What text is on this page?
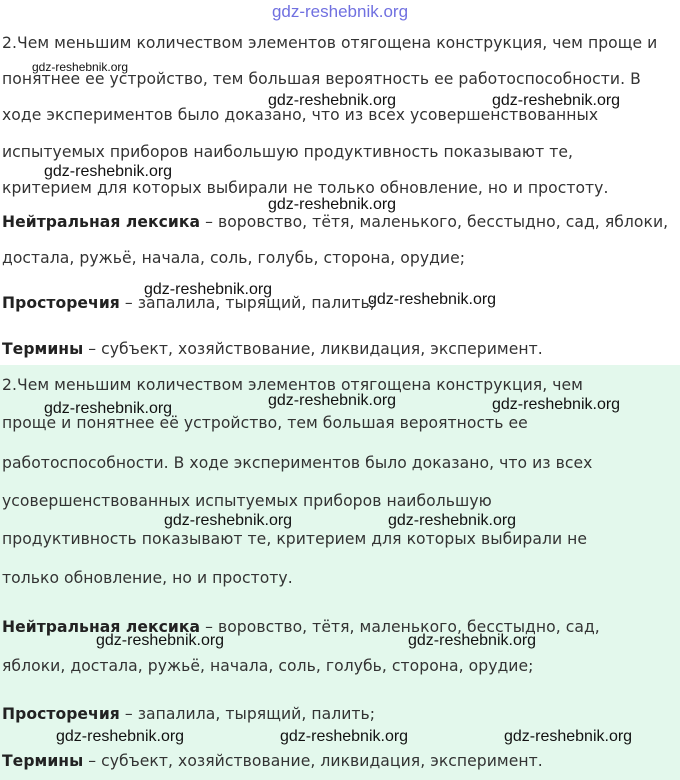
gdz-reshebnik.org
2.Чем меньшим количеством элементов отягощена конструкция, чем проще и
понятнее ее устройство, тем большая вероятность ее работоспособности. В
ходе экспериментов было доказано, что из всех усовершенствованных
испытуемых приборов наибольшую продуктивность показывают те,
критерием для которых выбирали не только обновление, но и простоту.
Нейтральная лексика – воровство, тётя, маленького, бесстыдно, сад, яблоки,
достала, ружьё, начала, соль, голубь, сторона, орудие;
Просторечия – запалила, тырящий, палить;
Термины – субъект, хозяйствование, ликвидация, эксперимент.
2.Чем меньшим количеством элементов отягощена конструкция, чем
проще и понятнее её устройство, тем большая вероятность ее
работоспособности. В ходе экспериментов было доказано, что из всех
усовершенствованных испытуемых приборов наибольшую
продуктивность показывают те, критерием для которых выбирали не
только обновление, но и простоту.
Нейтральная лексика – воровство, тётя, маленького, бесстыдно, сад,
яблоки, достала, ружьё, начала, соль, голубь, сторона, орудие;
Просторечия – запалила, тырящий, палить;
Термины – субъект, хозяйствование, ликвидация, эксперимент.
gdz-reshebnik.org
gdz-reshebnik.org	gdz-reshebnik.org
gdz-reshebnik.org
gdz-reshebnik.org
gdz-reshebnik.org
gdz-reshebnik.org
gdz-reshebnik.org	gdz-reshebnik.org	gdz-reshebnik.org
gdz-reshebnik.org	gdz-reshebnik.org
gdz-reshebnik.org	gdz-reshebnik.org
gdz-reshebnik.org	gdz-reshebnik.org	gdz-reshebnik.org
